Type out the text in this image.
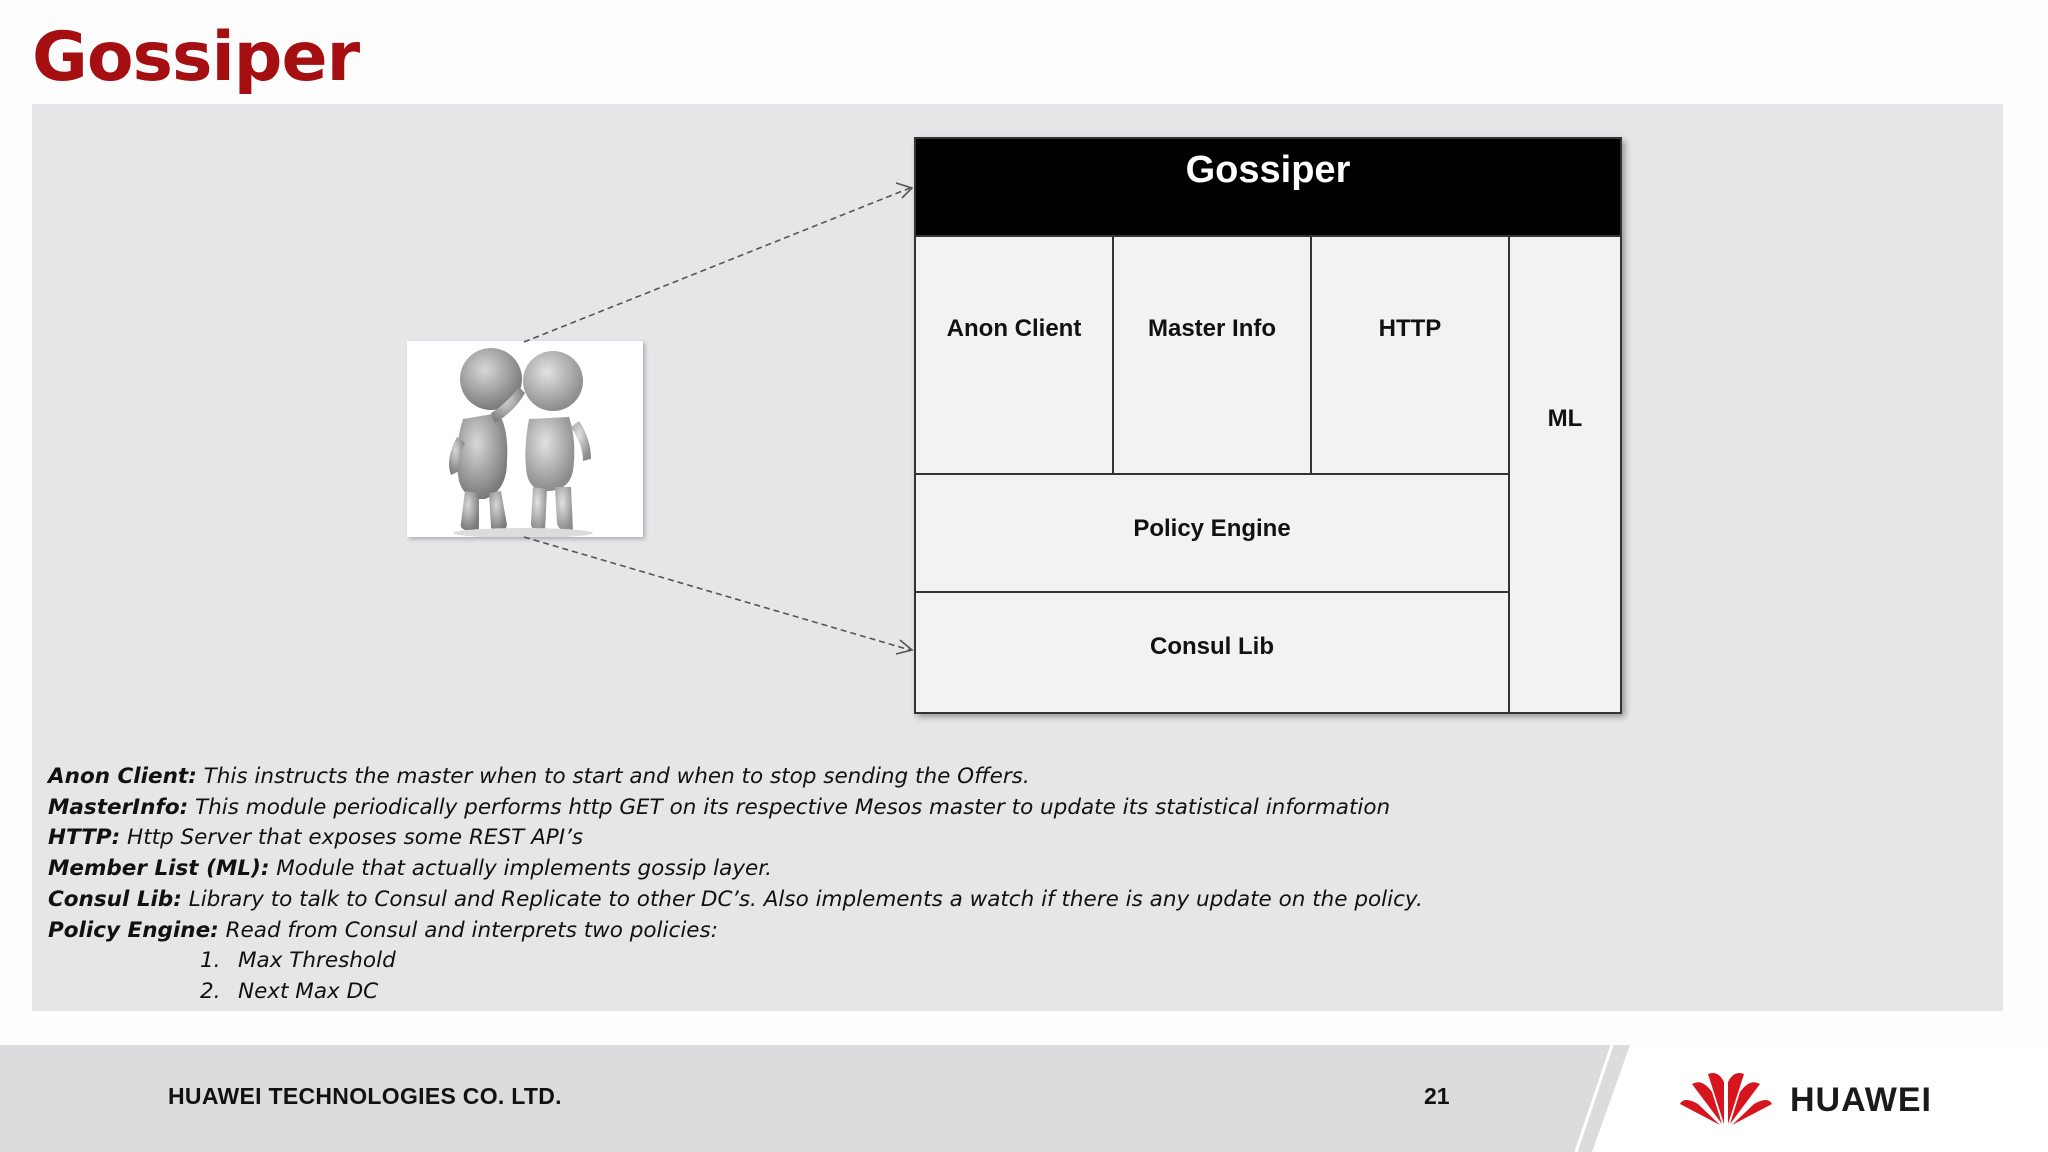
Gossiper
Gossiper
Anon Client	Master Info	HTTP
ML
Policy Engine
Consul Lib
Anon Client: This instructs the master when to start and when to stop sending the Offers.
MasterInfo: This module periodically performs http GET on its respective Mesos master to update its statistical information
HTTP: Http Server that exposes some REST API’s
Member List (ML): Module that actually implements gossip layer.
Consul Lib: Library to talk to Consul and Replicate to other DC’s. Also implements a watch if there is any update on the policy.
Policy Engine: Read from Consul and interprets two policies:
1. Max Threshold
2. Next Max DC
HUAWEI TECHNOLOGIES CO. LTD.	21	HUAWEI
